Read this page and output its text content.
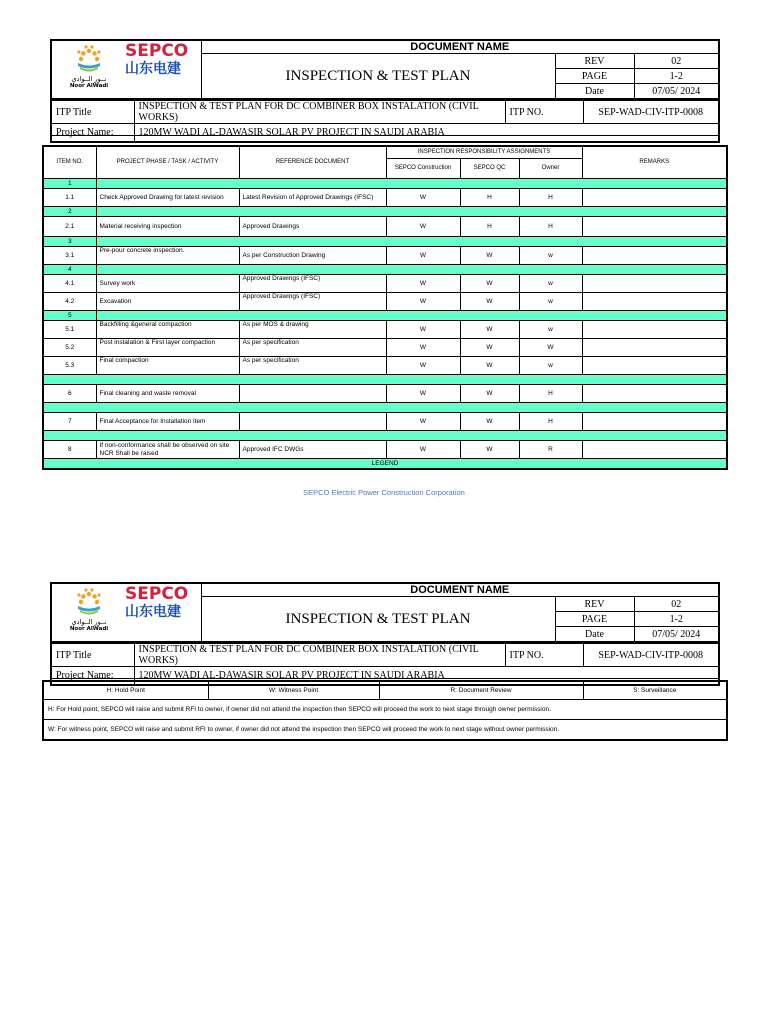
نــور الــوادي
Noor AlWadi
SEPCO
山东电建	DOCUMENT NAME		
	INSPECTION & TEST PLAN	REV	02
		PAGE	1-2
		Date	07/05/ 2024
ITP Title	INSPECTION & TEST PLAN FOR DC COMBINER BOX INSTALATION (CIVIL WORKS)	ITP NO.	SEP-WAD-CIV-ITP-0008
Project Name:	120MW WADI AL-DAWASIR SOLAR PV PROJECT IN SAUDI ARABIA		
ITEM NO.	PROJECT PHASE / TASK / ACTIVITY	REFERENCE DOCUMENT	INSPECTION RESPONSIBILITY ASSIGNMENTS			REMARKS
			SEPCO Construction	SEPCO QC	Owner	
1						
1.1	Check Approved Drawing for latest revision	Latest Revision of Approved Drawings (IFSC)	W	H	H	
2						
2.1	Material receiving inspection	Approved Drawings	W	H	H	
3						
3.1	Pre-pour concrete inspection.	As per Construction Drawing	W	W	w	
4						
4.1	Survey work	Approved Drawings (IFSC)	W	W	w	
4.2	Excavation	Approved Drawings (IFSC)	W	W	w	
5						
5.1	Backfilling &general compaction	As per MOS & drawing	W	W	w	
5.2	Post instalation & First layer compaction	As per specification	W	W	W	
5.3	Final compaction	As per specification	W	W	w	

6	Final cleaning and waste removal		W	W	H	

7	Final Acceptance for Installation item		W	W	H	

8	If non-conformance shall be observed on site NCR Shall be raised	Approved IFC DWGs	W	W	R	
LEGEND						
SEPCO Electric Power Construction Corporation
نــور الــوادي
Noor AlWadi
SEPCO
山东电建	DOCUMENT NAME		
	INSPECTION & TEST PLAN	REV	02
		PAGE	1-2
		Date	07/05/ 2024
ITP Title	INSPECTION & TEST PLAN FOR DC COMBINER BOX INSTALATION (CIVIL WORKS)	ITP NO.	SEP-WAD-CIV-ITP-0008
Project Name:	120MW WADI AL-DAWASIR SOLAR PV PROJECT IN SAUDI ARABIA		
H: Hold Point	W: Witness Point	R: Document Review	S: Surveillance
H: For Hold point, SEPCO will raise and submit RFI to owner, if owner did not attend the inspection then SEPCO will proceed the work to next stage through owner permission.
W: For witness point, SEPCO will raise and submit RFI to owner, if owner did not attend the inspection then SEPCO will proceed the work to next stage without owner permission.
